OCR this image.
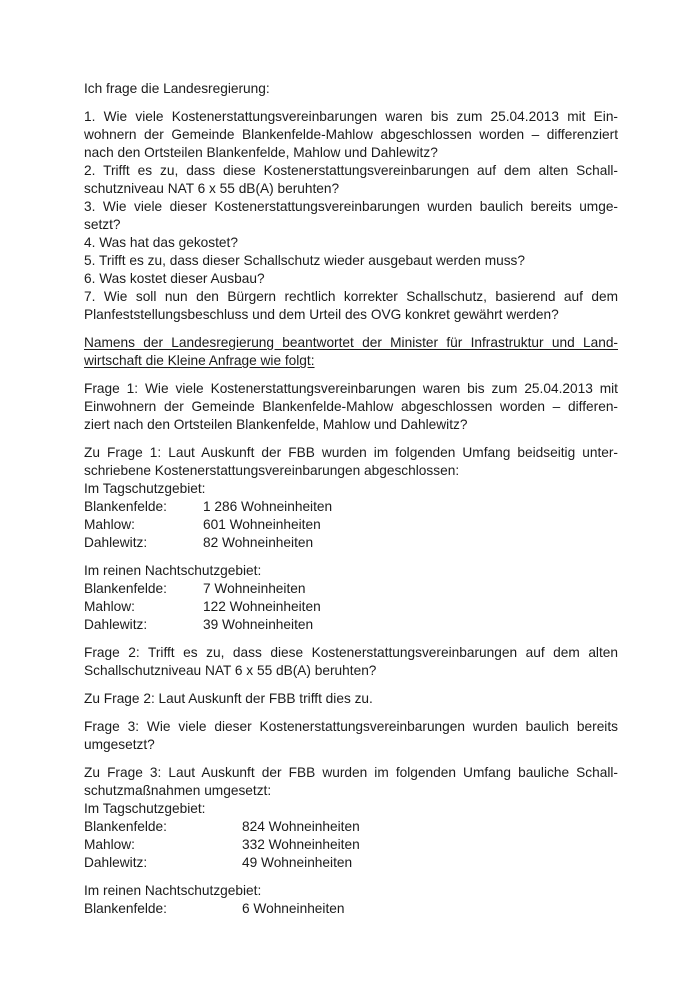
Ich frage die Landesregierung:
1. Wie viele Kostenerstattungsvereinbarungen waren bis zum 25.04.2013 mit Ein-
wohnern der Gemeinde Blankenfelde-Mahlow abgeschlossen worden – differenziert
nach den Ortsteilen Blankenfelde, Mahlow und Dahlewitz?
2. Trifft es zu, dass diese Kostenerstattungsvereinbarungen auf dem alten Schall-
schutzniveau NAT 6 x 55 dB(A) beruhten?
3. Wie viele dieser Kostenerstattungsvereinbarungen wurden baulich bereits umge-
setzt?
4. Was hat das gekostet?
5. Trifft es zu, dass dieser Schallschutz wieder ausgebaut werden muss?
6. Was kostet dieser Ausbau?
7. Wie soll nun den Bürgern rechtlich korrekter Schallschutz, basierend auf dem
Planfeststellungsbeschluss und dem Urteil des OVG konkret gewährt werden?
Namens der Landesregierung beantwortet der Minister für Infrastruktur und Land-
wirtschaft die Kleine Anfrage wie folgt:
Frage 1: Wie viele Kostenerstattungsvereinbarungen waren bis zum 25.04.2013 mit
Einwohnern der Gemeinde Blankenfelde-Mahlow abgeschlossen worden – differen-
ziert nach den Ortsteilen Blankenfelde, Mahlow und Dahlewitz?
Zu Frage 1: Laut Auskunft der FBB wurden im folgenden Umfang beidseitig unter-
schriebene Kostenerstattungsvereinbarungen abgeschlossen:
Im Tagschutzgebiet:
Blankenfelde:	1 286 Wohneinheiten
Mahlow:	601 Wohneinheiten
Dahlewitz:	82 Wohneinheiten
Im reinen Nachtschutzgebiet:
Blankenfelde:	7 Wohneinheiten
Mahlow:	122 Wohneinheiten
Dahlewitz:	39 Wohneinheiten
Frage 2: Trifft es zu, dass diese Kostenerstattungsvereinbarungen auf dem alten
Schallschutzniveau NAT 6 x 55 dB(A) beruhten?
Zu Frage 2: Laut Auskunft der FBB trifft dies zu.
Frage 3: Wie viele dieser Kostenerstattungsvereinbarungen wurden baulich bereits
umgesetzt?
Zu Frage 3: Laut Auskunft der FBB wurden im folgenden Umfang bauliche Schall-
schutzmaßnahmen umgesetzt:
Im Tagschutzgebiet:
Blankenfelde:	824 Wohneinheiten
Mahlow:	332 Wohneinheiten
Dahlewitz:	49 Wohneinheiten
Im reinen Nachtschutzgebiet:
Blankenfelde:	6 Wohneinheiten
